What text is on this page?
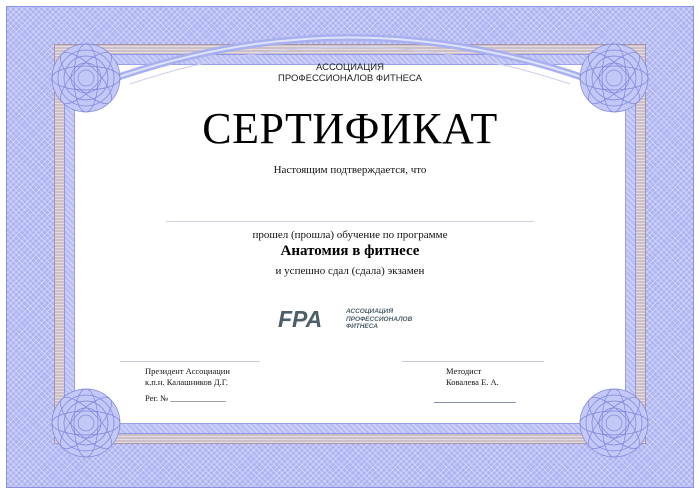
АССОЦИАЦИЯ
ПРОФЕССИОНАЛОВ ФИТНЕСА
СЕРТИФИКАТ
Настоящим подтверждается, что
прошел (прошла) обучение по программе
Анатомия в фитнесе
и успешно сдал (сдала) экзамен
FPA	АССОЦИАЦИЯ
ПРОФЕССИОНАЛОВ
ФИТНЕСА
Президент Ассоциации
к.п.н. Калашников Д.Г.
Рег. № _____________
Методист
Ковалева Е. А.
